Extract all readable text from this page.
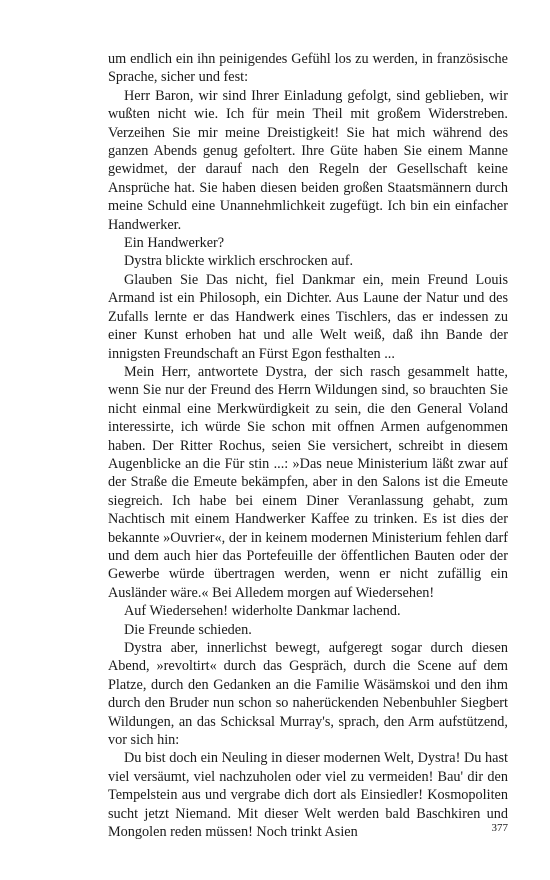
um endlich ein ihn peinigendes Gefühl los zu werden, in französische Sprache, sicher und fest:

Herr Baron, wir sind Ihrer Einladung gefolgt, sind geblieben, wir wußten nicht wie. Ich für mein Theil mit großem Widerstreben. Verzeihen Sie mir meine Dreistigkeit! Sie hat mich während des ganzen Abends genug gefoltert. Ihre Güte haben Sie einem Manne gewidmet, der darauf nach den Regeln der Gesellschaft keine Ansprüche hat. Sie haben diesen beiden großen Staatsmännern durch meine Schuld eine Unannehmlichkeit zugefügt. Ich bin ein einfacher Handwerker.

Ein Handwerker?

Dystra blickte wirklich erschrocken auf.

Glauben Sie Das nicht, fiel Dankmar ein, mein Freund Louis Armand ist ein Philosoph, ein Dichter. Aus Laune der Natur und des Zufalls lernte er das Handwerk eines Tischlers, das er indessen zu einer Kunst erhoben hat und alle Welt weiß, daß ihn Bande der innigsten Freundschaft an Fürst Egon festhalten ...

Mein Herr, antwortete Dystra, der sich rasch gesammelt hatte, wenn Sie nur der Freund des Herrn Wildungen sind, so brauchten Sie nicht einmal eine Merkwürdigkeit zu sein, die den General Voland interessirte, ich würde Sie schon mit offnen Armen aufgenommen haben. Der Ritter Rochus, seien Sie versichert, schreibt in diesem Augenblicke an die Für stin ...: »Das neue Ministerium läßt zwar auf der Straße die Emeute bekämpfen, aber in den Salons ist die Emeute siegreich. Ich habe bei einem Diner Veranlassung gehabt, zum Nachtisch mit einem Handwerker Kaffee zu trinken. Es ist dies der bekannte »Ouvrier«, der in keinem modernen Ministerium fehlen darf und dem auch hier das Portefeuille der öffentlichen Bauten oder der Gewerbe würde übertragen werden, wenn er nicht zufällig ein Ausländer wäre.« Bei Alledem morgen auf Wiedersehen!

Auf Wiedersehen! widerholte Dankmar lachend.

Die Freunde schieden.

Dystra aber, innerlichst bewegt, aufgeregt sogar durch diesen Abend, »revoltirt« durch das Gespräch, durch die Scene auf dem Platze, durch den Gedanken an die Familie Wäsämskoi und den ihm durch den Bruder nun schon so naherückenden Nebenbuhler Siegbert Wildungen, an das Schicksal Murray's, sprach, den Arm aufstützend, vor sich hin:

Du bist doch ein Neuling in dieser modernen Welt, Dystra! Du hast viel versäumt, viel nachzuholen oder viel zu vermeiden! Bau' dir den Tempelstein aus und vergrabe dich dort als Einsiedler! Kosmopoliten sucht jetzt Niemand. Mit dieser Welt werden bald Baschkiren und Mongolen reden müssen! Noch trinkt Asien	377
